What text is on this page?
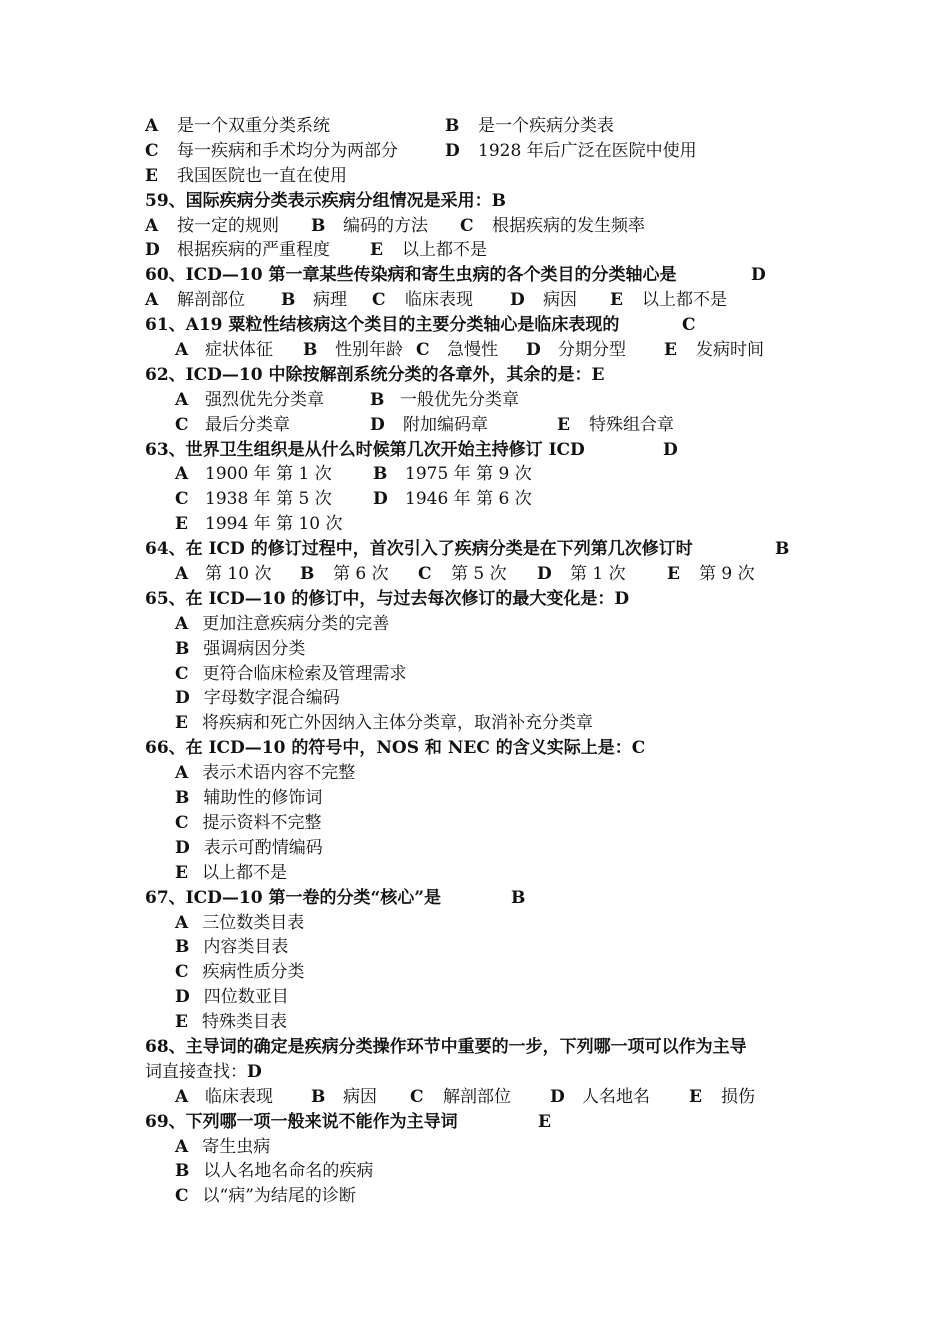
A 是一个双重分类系统	B 是一个疾病分类表
C 每一疾病和手术均分为两部分	D 1928 年后广泛在医院中使用
E 我国医院也一直在使用
59、国际疾病分类表示疾病分组情况是采用：B
A 按一定的规则 B 编码的方法 C 根据疾病的发生频率
D 根据疾病的严重程度 E 以上都不是
60、ICD—10 第一章某些传染病和寄生虫病的各个类目的分类轴心是	D
A 解剖部位 B 病理 C 临床表现 D 病因 E 以上都不是
61、A19 粟粒性结核病这个类目的主要分类轴心是临床表现的	C
A 症状体征 B 性别年龄 C 急慢性 D 分期分型 E 发病时间
62、ICD—10 中除按解剖系统分类的各章外，其余的是：E
A 强烈优先分类章	B 一般优先分类章
C 最后分类章	D 附加编码章	E 特殊组合章
63、世界卫生组织是从什么时候第几次开始主持修订 ICD	D
A 1900 年 第 1 次 B 1975 年 第 9 次
C 1938 年 第 5 次 D 1946 年 第 6 次
E 1994 年 第 10 次
64、在 ICD 的修订过程中，首次引入了疾病分类是在下列第几次修订时	B
A 第 10 次 B 第 6 次 C 第 5 次 D 第 1 次 E 第 9 次
65、在 ICD—10 的修订中，与过去每次修订的最大变化是：D
A 更加注意疾病分类的完善
B 强调病因分类
C 更符合临床检索及管理需求
D 字母数字混合编码
E 将疾病和死亡外因纳入主体分类章，取消补充分类章
66、在 ICD—10 的符号中，NOS 和 NEC 的含义实际上是：C
A 表示术语内容不完整
B 辅助性的修饰词
C 提示资料不完整
D 表示可酌情编码
E 以上都不是
67、ICD—10 第一卷的分类“核心”是	B
A 三位数类目表
B 内容类目表
C 疾病性质分类
D 四位数亚目
E 特殊类目表
68、主导词的确定是疾病分类操作环节中重要的一步，下列哪一项可以作为主导
词直接查找：D
A 临床表现 B 病因 C 解剖部位 D 人名地名 E 损伤
69、下列哪一项一般来说不能作为主导词	E
A 寄生虫病
B 以人名地名命名的疾病
C 以“病”为结尾的诊断
